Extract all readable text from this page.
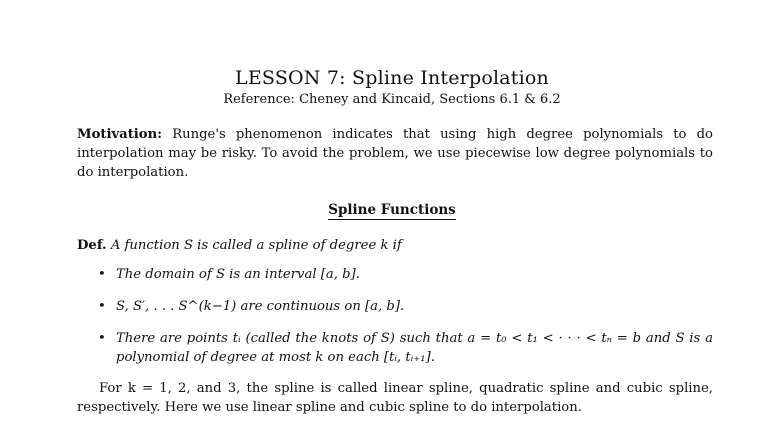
LESSON 7: Spline Interpolation
Reference: Cheney and Kincaid, Sections 6.1 & 6.2
Motivation: Runge's phenomenon indicates that using high degree polynomials to do interpolation may be risky. To avoid the problem, we use piecewise low degree polynomials to do interpolation.
Spline Functions
Def. A function S is called a spline of degree k if
• The domain of S is an interval [a, b].
• S, S′, . . . S^(k−1) are continuous on [a, b].
• There are points tᵢ (called the knots of S) such that a = t₀ < t₁ < · · · < tₙ = b and S is a polynomial of degree at most k on each [tᵢ, tᵢ₊₁].
For k = 1, 2, and 3, the spline is called linear spline, quadratic spline and cubic spline, respectively. Here we use linear spline and cubic spline to do interpolation.
